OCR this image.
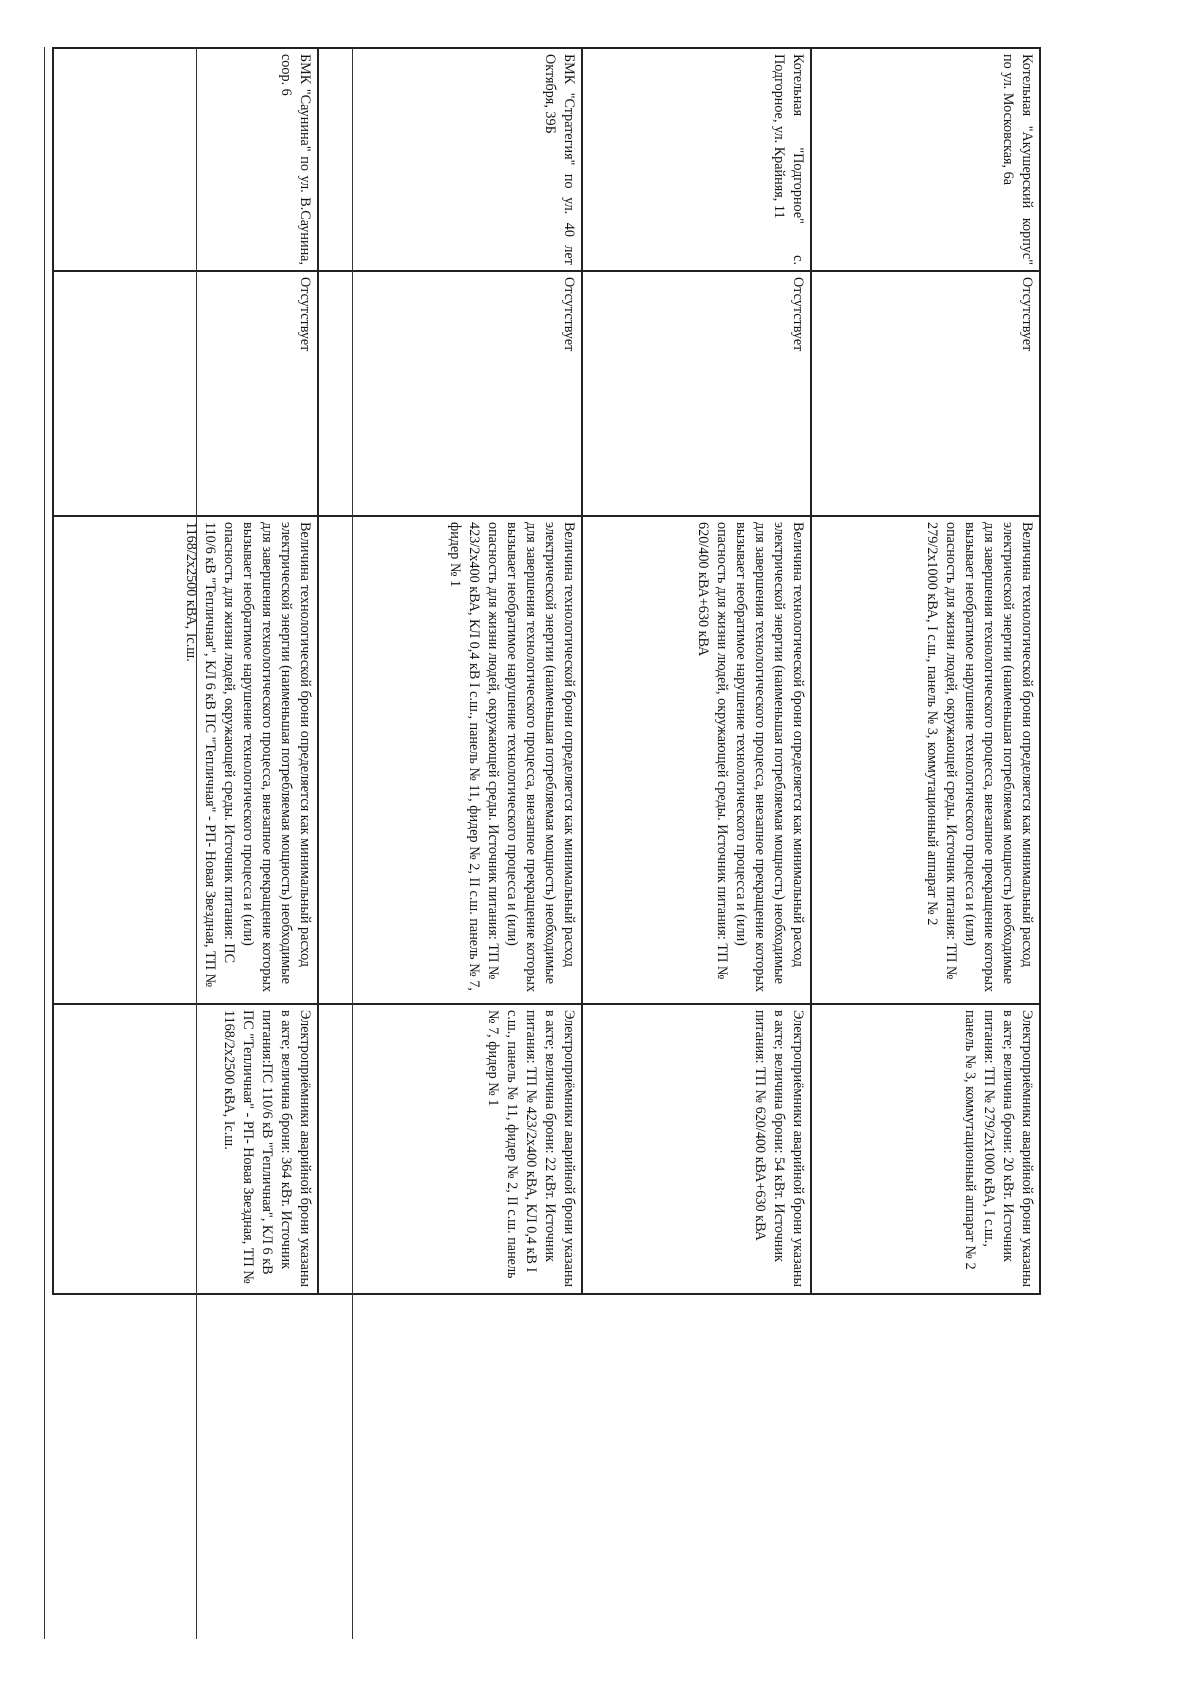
Котельная "Акушерский корпус" по ул. Московская, 6а	Отсутствует	Величина технологической брони определяется как минимальный расход электрической энергии (наименьшая потребляемая мощность) необходимые для завершения технологического процесса, внезапное прекращение которых вызывает необратимое нарушение технологического процесса и (или) опасность для жизни людей, окружающей среды. Источник питания: ТП № 279/2х1000 кВА, I с.ш., панель № 3, коммутационный аппарат № 2	Электроприёмники аварийной брони указаны в акте; величина брони: 20 кВт. Источник питания: ТП № 279/2х1000 кВА, I с.ш., панель № 3, коммутационный аппарат № 2
Котельная "Подгорное" с. Подгорное, ул. Крайняя, 11	Отсутствует	Величина технологической брони определяется как минимальный расход электрической энергии (наименьшая потребляемая мощность) необходимые для завершения технологического процесса, внезапное прекращение которых вызывает необратимое нарушение технологического процесса и (или) опасность для жизни людей, окружающей среды. Источник питания: ТП № 620/400 кВА+630 кВА	Электроприёмники аварийной брони указаны в акте; величина брони: 54 кВт. Источник питания: ТП № 620/400 кВА+630 кВА
БМК "Стратегия" по ул. 40 лет Октября, 39Б	Отсутствует	Величина технологической брони определяется как минимальный расход электрической энергии (наименьшая потребляемая мощность) необходимые для завершения технологического процесса, внезапное прекращение которых вызывает необратимое нарушение технологического процесса и (или) опасность для жизни людей, окружающей среды. Источник питания: ТП № 423/2х400 кВА, КЛ 0,4 кВ I с.ш., панель № 11, фидер № 2, II с.ш. панель № 7, фидер № 1	Электроприёмники аварийной брони указаны в акте; величина брони: 22 кВт. Источник питания: ТП № 423/2х400 кВА, КЛ 0,4 кВ I с.ш., панель № 11, фидер № 2, II с.ш. панель № 7, фидер № 1
БМК "Саунина" по ул. В.Саунина, соор. 6	Отсутствует	Величина технологической брони определяется как минимальный расход электрической энергии (наименьшая потребляемая мощность) необходимые для завершения технологического процесса, внезапное прекращение которых вызывает необратимое нарушение технологического процесса и (или) опасность для жизни людей, окружающей среды. Источник питания: ПС 110/6 кВ "Тепличная", КЛ 6 кВ ПС "Тепличная" - РП- Новая Звездная, ТП № 1168/2х2500 кВА, Iс.ш.	Электроприёмники аварийной брони указаны в акте; величина брони: 364 кВт. Источник питания:ПС 110/6 кВ "Тепличная", КЛ 6 кВ ПС "Тепличная" - РП- Новая Звездная, ТП № 1168/2х2500 кВА, Iс.ш.
